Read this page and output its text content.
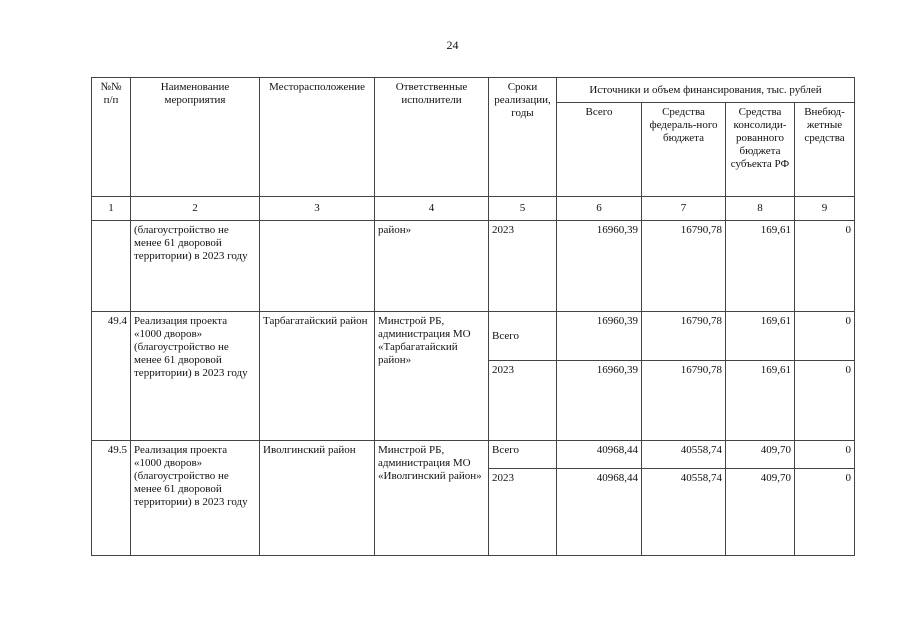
24
№№ п/п	Наименование мероприятия	Месторасположение	Ответственные исполнители	Сроки реализации, годы	Источники и объем финансирования, тыс. рублей			
					Всего	Средства федераль-ного бюджета	Средства консолиди-рованного бюджета субъекта РФ	Внебюд-жетные средства
1	2	3	4	5	6	7	8	9
	(благоустройство не менее 61 дворовой территории) в 2023 году		район»	2023	16960,39	16790,78	169,61	0
49.4	Реализация проекта «1000 дворов» (благоустройство не менее 61 дворовой территории) в 2023 году	Тарбагатайский район	Минстрой РБ, администрация МО «Тарбагатайский район»	Всего	16960,39	16790,78	169,61	0
				2023	16960,39	16790,78	169,61	0
49.5	Реализация проекта «1000 дворов» (благоустройство не менее 61 дворовой территории) в 2023 году	Иволгинский район	Минстрой РБ, администрация МО «Иволгинский район»	Всего	40968,44	40558,74	409,70	0
				2023	40968,44	40558,74	409,70	0
